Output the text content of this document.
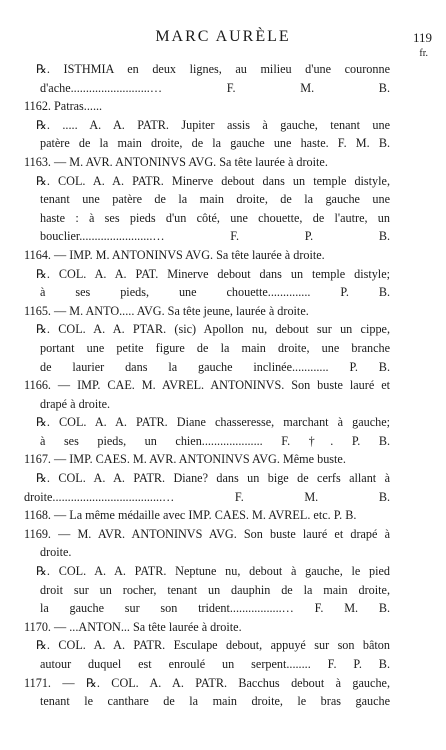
MARC AURÈLE	119
fr.
℞. ISTHMIA en deux lignes, au milieu d'une couronne
d'ache..........................… F. M. B.
1162. Patras......
℞. ..... A. A. PATR. Jupiter assis à gauche, tenant une
patère de la main droite, de la gauche une haste. F. M. B.
1163. — M. AVR. ANTONINVS AVG. Sa tête laurée à droite.
℞. COL. A. A. PATR. Minerve debout dans un temple distyle,
tenant une patère de la main droite, de la gauche une
haste : à ses pieds d'un côté, une chouette, de l'autre, un
bouclier........................… F. P. B.
1164. — IMP. M. ANTONINVS AVG. Sa tête laurée à droite.
℞. COL. A. A. PAT. Minerve debout dans un temple distyle;
à ses pieds, une chouette.............. P. B.
1165. — M. ANTO..... AVG. Sa tête jeune, laurée à droite.
℞. COL. A. A. PTAR. (sic) Apollon nu, debout sur un cippe,
portant une petite figure de la main droite, une branche
de laurier dans la gauche inclinée............ P. B.
1166. — IMP. CAE. M. AVREL. ANTONINVS. Son buste lauré et
drapé à droite.
℞. COL. A. A. PATR. Diane chasseresse, marchant à gauche;
à ses pieds, un chien.................... F. †. P. B.
1167. — IMP. CAES. M. AVR. ANTONINVS AVG. Même buste.
℞. COL. A. A. PATR. Diane? dans un bige de cerfs allant à
droite....................................… F. M. B.
1168. — La même médaille avec IMP. CAES. M. AVREL. etc. P. B.
1169. — M. AVR. ANTONINVS AVG. Son buste lauré et drapé à
droite.
℞. COL. A. A. PATR. Neptune nu, debout à gauche, le pied
droit sur un rocher, tenant un dauphin de la main droite,
la gauche sur son trident.................… F. M. B.
1170. — ...ANTON... Sa tête laurée à droite.
℞. COL. A. A. PATR. Esculape debout, appuyé sur son bâton
autour duquel est enroulé un serpent........ F. P. B.
1171. — ℞. COL. A. A. PATR. Bacchus debout à gauche,
tenant le canthare de la main droite, le bras gauche
